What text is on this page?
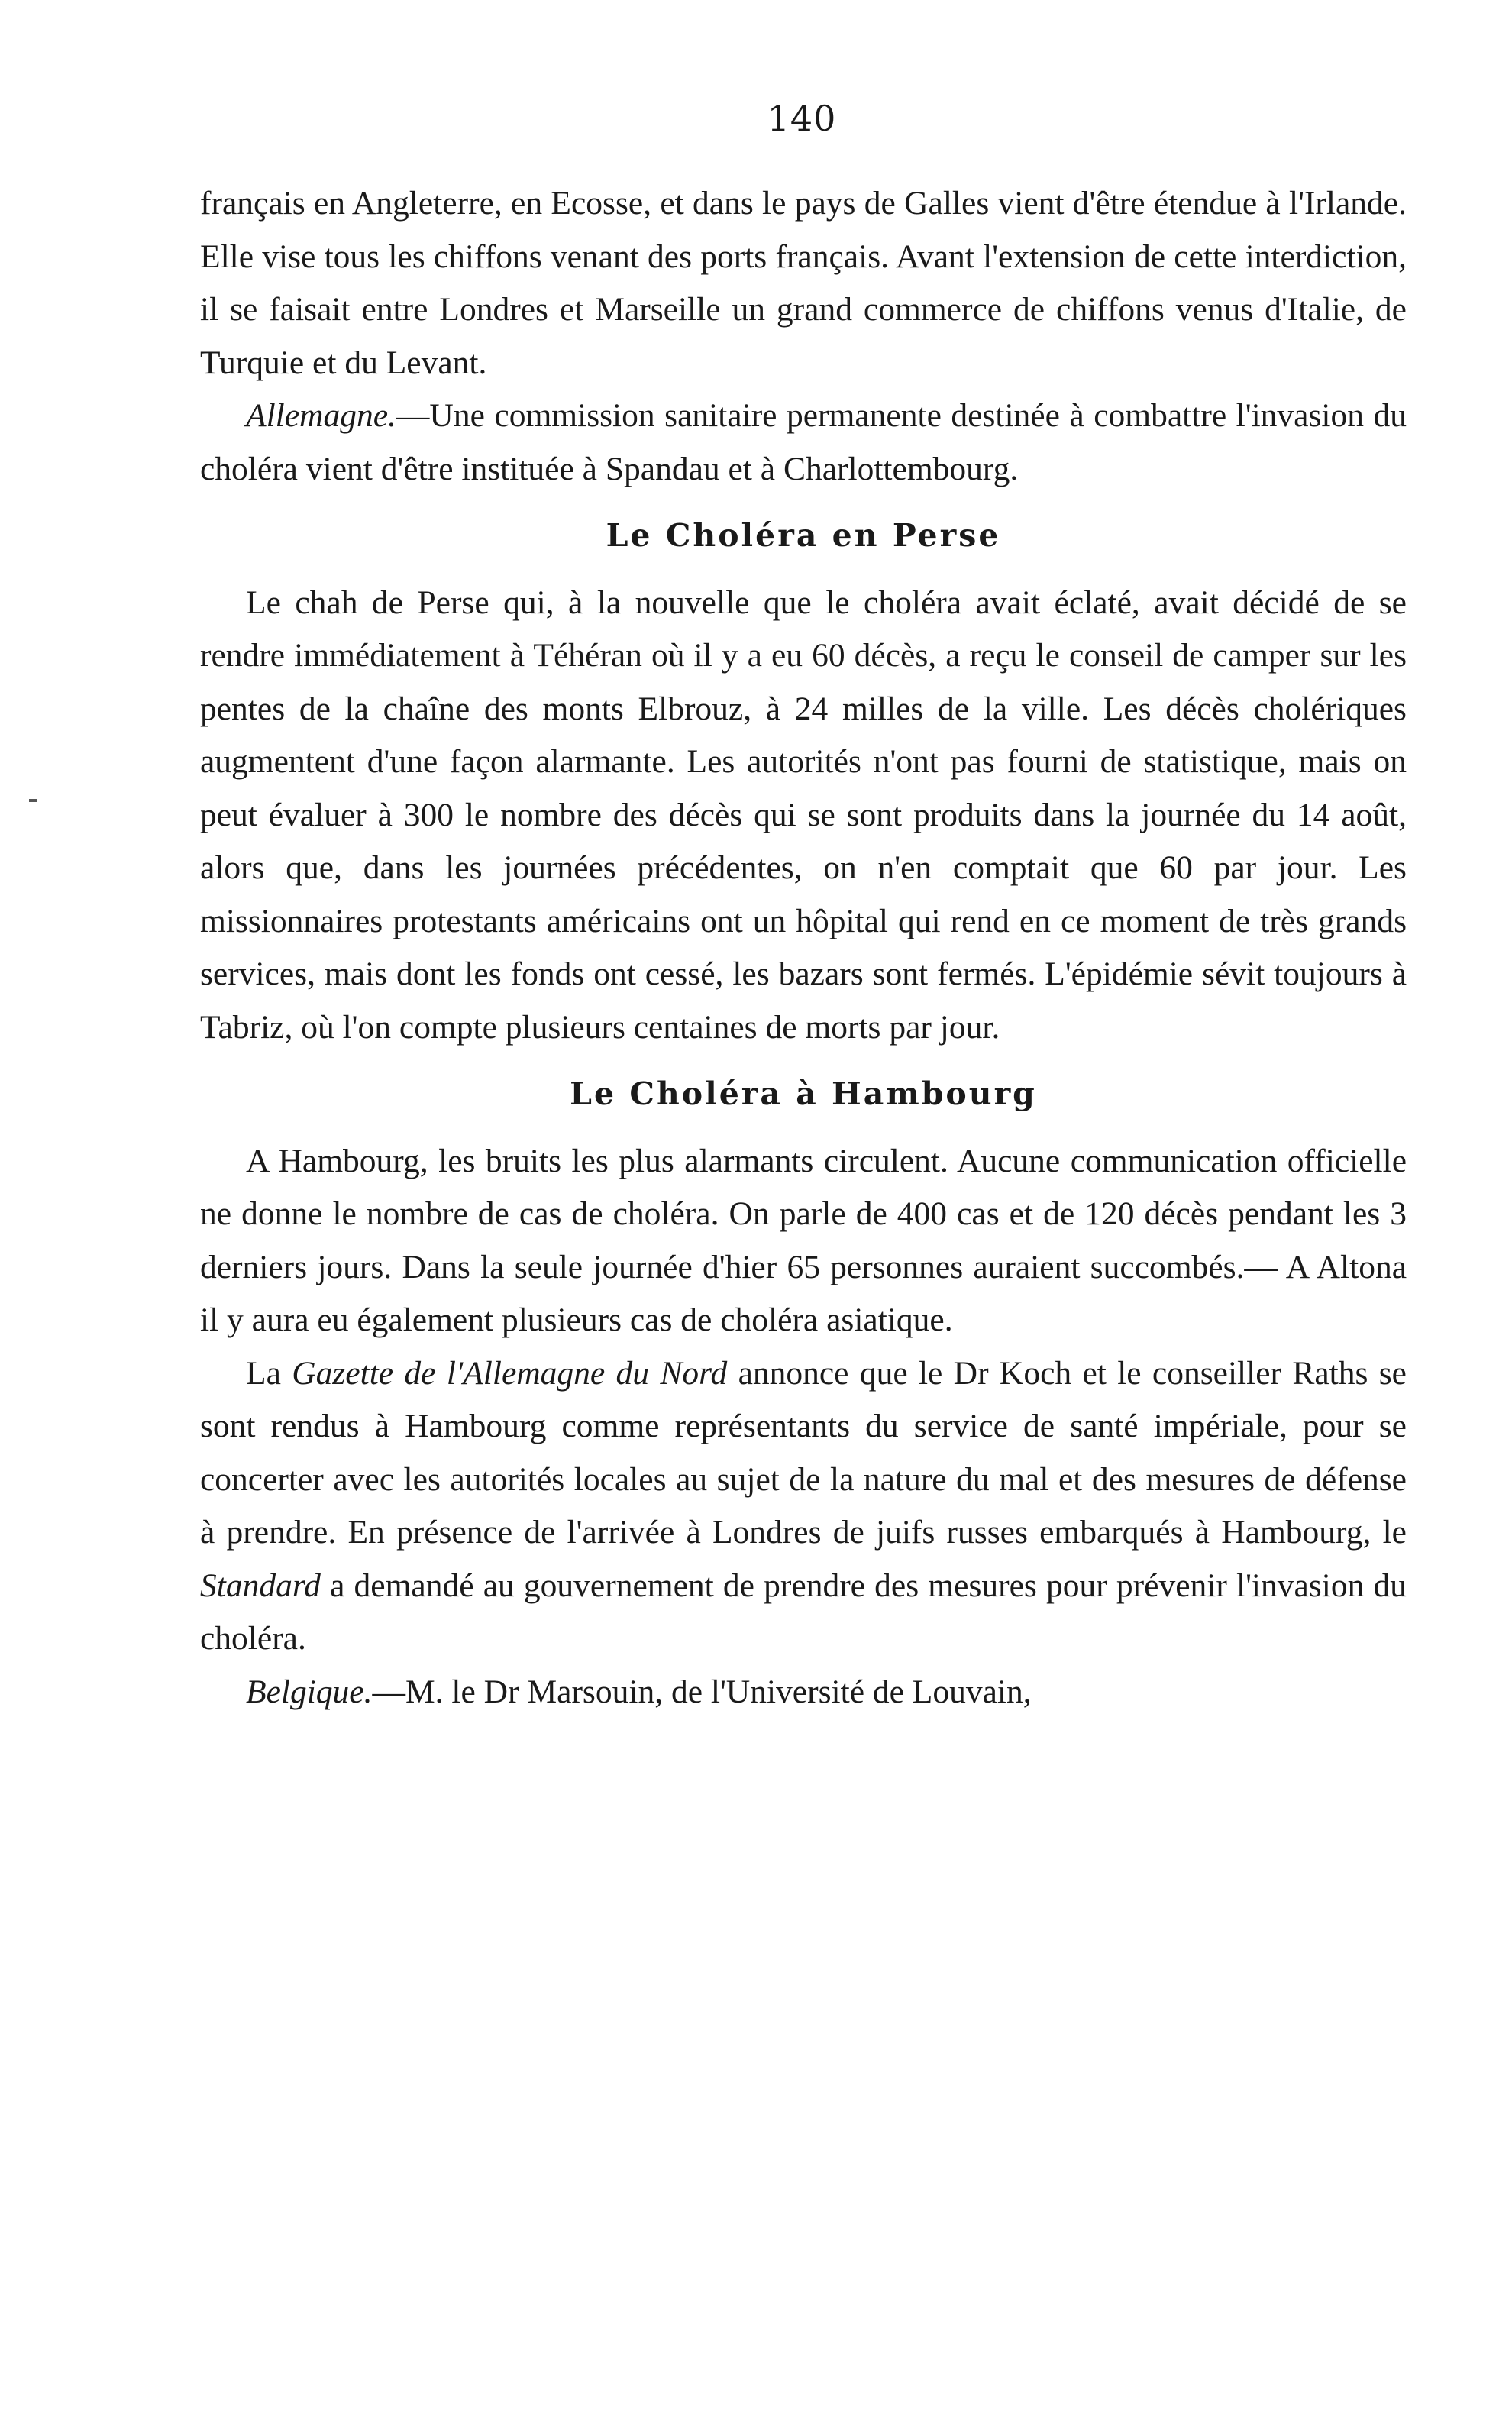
140

français en Angleterre, en Ecosse, et dans le pays de Galles vient d'être étendue à l'Irlande. Elle vise tous les chiffons venant des ports français. Avant l'extension de cette interdiction, il se faisait entre Londres et Marseille un grand commerce de chiffons venus d'Italie, de Turquie et du Levant.

Allemagne.—Une commission sanitaire permanente destinée à combattre l'invasion du choléra vient d'être instituée à Spandau et à Charlottembourg.

Le Choléra en Perse

Le chah de Perse qui, à la nouvelle que le choléra avait éclaté, avait décidé de se rendre immédiatement à Téhéran où il y a eu 60 décès, a reçu le conseil de camper sur les pentes de la chaîne des monts Elbrouz, à 24 milles de la ville. Les décès cholériques augmentent d'une façon alarmante. Les autorités n'ont pas fourni de statistique, mais on peut évaluer à 300 le nombre des décès qui se sont produits dans la journée du 14 août, alors que, dans les journées précédentes, on n'en comptait que 60 par jour. Les missionnaires protestants américains ont un hôpital qui rend en ce moment de très grands services, mais dont les fonds ont cessé, les bazars sont fermés. L'épidémie sévit toujours à Tabriz, où l'on compte plusieurs centaines de morts par jour.

Le Choléra à Hambourg

A Hambourg, les bruits les plus alarmants circulent. Aucune communication officielle ne donne le nombre de cas de choléra. On parle de 400 cas et de 120 décès pendant les 3 derniers jours. Dans la seule journée d'hier 65 personnes auraient succombés.— A Altona il y aura eu également plusieurs cas de choléra asiatique.

La Gazette de l'Allemagne du Nord annonce que le Dr Koch et le conseiller Raths se sont rendus à Hambourg comme représentants du service de santé impériale, pour se concerter avec les autorités locales au sujet de la nature du mal et des mesures de défense à prendre. En présence de l'arrivée à Londres de juifs russes embarqués à Hambourg, le Standard a demandé au gouvernement de prendre des mesures pour prévenir l'invasion du choléra.

Belgique.—M. le Dr Marsouin, de l'Université de Louvain,
